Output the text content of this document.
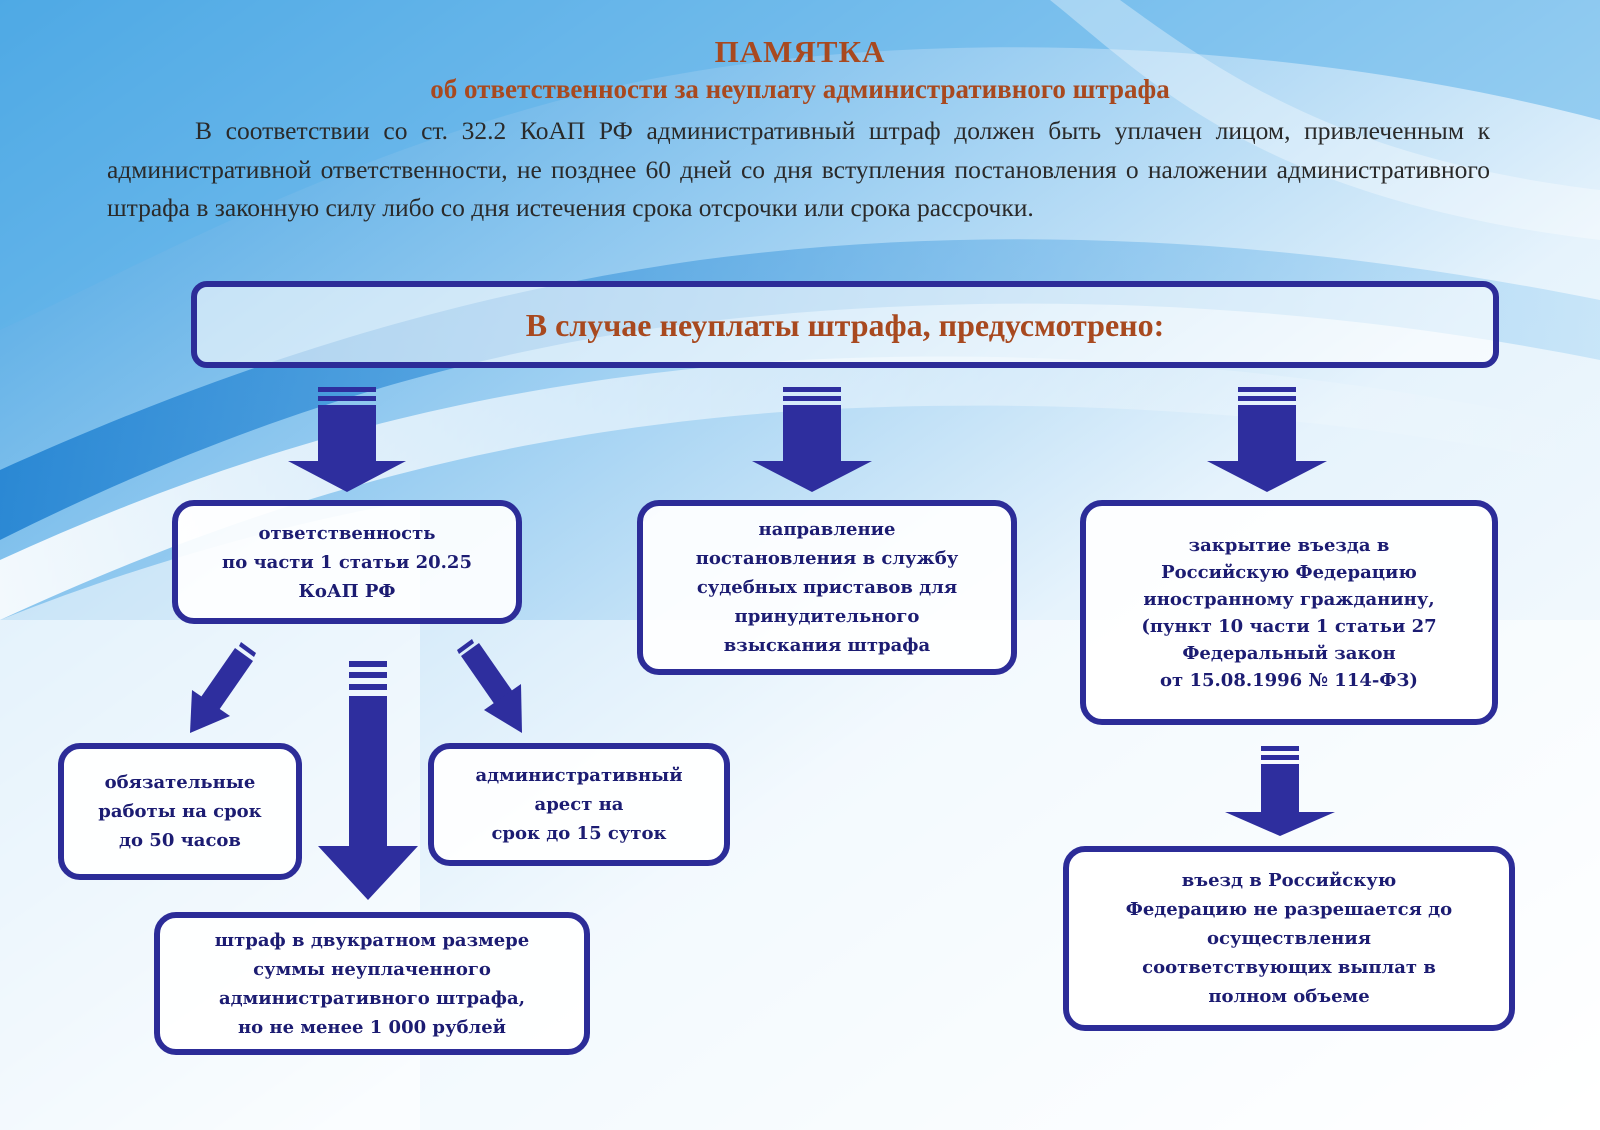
ПАМЯТКА
об ответственности за неуплату административного штрафа

В соответствии со ст. 32.2 КоАП РФ административный штраф должен быть уплачен лицом, привлеченным к административной ответственности, не позднее 60 дней со дня вступления постановления о наложении административного штрафа в законную силу либо со дня истечения срока отсрочки или срока рассрочки.

В случае неуплаты штрафа, предусмотрено:
ответственность
по части 1 статьи 20.25
КоАП РФ
направление
постановления в службу
судебных приставов для
принудительного
взыскания штрафа
закрытие въезда в
Российскую Федерацию
иностранному гражданину,
(пункт 10 части 1 статьи 27
Федеральный закон
от 15.08.1996 № 114-ФЗ)
обязательные
работы на срок
до 50 часов
административный
арест на
срок до 15 суток
штраф в двукратном размере
суммы неуплаченного
административного штрафа,
но не менее 1 000 рублей
въезд в Российскую
Федерацию не разрешается до
осуществления
соответствующих выплат в
полном объеме
